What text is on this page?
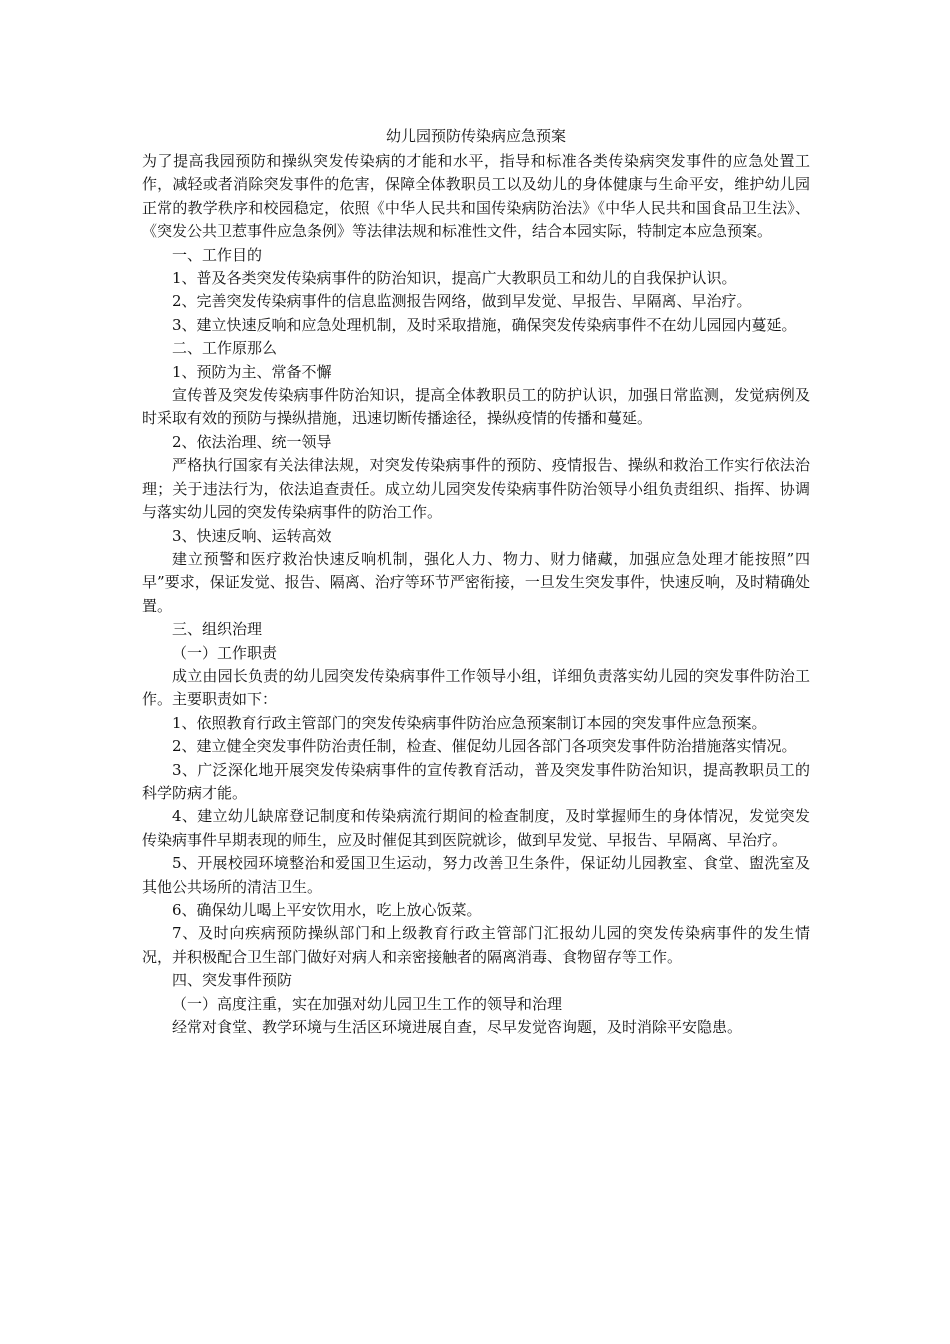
幼儿园预防传染病应急预案

为了提高我园预防和操纵突发传染病的才能和水平，指导和标准各类传染病突发事件的应急处置工作，减轻或者消除突发事件的危害，保障全体教职员工以及幼儿的身体健康与生命平安，维护幼儿园正常的教学秩序和校园稳定，依照《中华人民共和国传染病防治法》《中华人民共和国食品卫生法》、《突发公共卫惹事件应急条例》等法律法规和标准性文件，结合本园实际，特制定本应急预案。

一、工作目的

1、普及各类突发传染病事件的防治知识，提高广大教职员工和幼儿的自我保护认识。

2、完善突发传染病事件的信息监测报告网络，做到早发觉、早报告、早隔离、早治疗。

3、建立快速反响和应急处理机制，及时采取措施，确保突发传染病事件不在幼儿园园内蔓延。

二、工作原那么

1、预防为主、常备不懈

宣传普及突发传染病事件防治知识，提高全体教职员工的防护认识，加强日常监测，发觉病例及时采取有效的预防与操纵措施，迅速切断传播途径，操纵疫情的传播和蔓延。

2、依法治理、统一领导

严格执行国家有关法律法规，对突发传染病事件的预防、疫情报告、操纵和救治工作实行依法治理；关于违法行为，依法追查责任。成立幼儿园突发传染病事件防治领导小组负责组织、指挥、协调与落实幼儿园的突发传染病事件的防治工作。

3、快速反响、运转高效

建立预警和医疗救治快速反响机制，强化人力、物力、财力储藏，加强应急处理才能按照”四早”要求，保证发觉、报告、隔离、治疗等环节严密衔接，一旦发生突发事件，快速反响，及时精确处置。

三、组织治理

（一）工作职责

成立由园长负责的幼儿园突发传染病事件工作领导小组，详细负责落实幼儿园的突发事件防治工作。主要职责如下：

1、依照教育行政主管部门的突发传染病事件防治应急预案制订本园的突发事件应急预案。

2、建立健全突发事件防治责任制，检查、催促幼儿园各部门各项突发事件防治措施落实情况。

3、广泛深化地开展突发传染病事件的宣传教育活动，普及突发事件防治知识，提高教职员工的科学防病才能。

4、建立幼儿缺席登记制度和传染病流行期间的检查制度，及时掌握师生的身体情况，发觉突发传染病事件早期表现的师生，应及时催促其到医院就诊，做到早发觉、早报告、早隔离、早治疗。

5、开展校园环境整治和爱国卫生运动，努力改善卫生条件，保证幼儿园教室、食堂、盥洗室及其他公共场所的清洁卫生。

6、确保幼儿喝上平安饮用水，吃上放心饭菜。

7、及时向疾病预防操纵部门和上级教育行政主管部门汇报幼儿园的突发传染病事件的发生情况，并积极配合卫生部门做好对病人和亲密接触者的隔离消毒、食物留存等工作。

四、突发事件预防

（一）高度注重，实在加强对幼儿园卫生工作的领导和治理

经常对食堂、教学环境与生活区环境进展自查，尽早发觉咨询题，及时消除平安隐患。
